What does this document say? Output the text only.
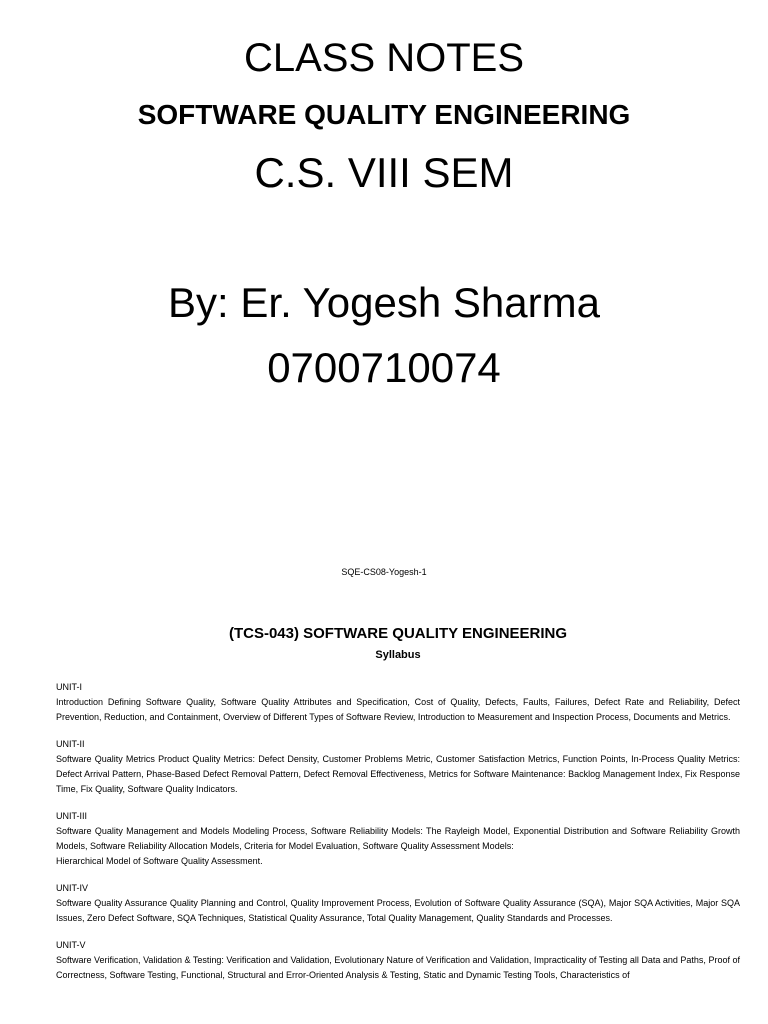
CLASS NOTES
SOFTWARE QUALITY ENGINEERING
C.S. VIII SEM
By: Er. Yogesh Sharma
0700710074
SQE-CS08-Yogesh-1
(TCS-043) SOFTWARE QUALITY ENGINEERING
Syllabus
UNIT-I
Introduction Defining Software Quality, Software Quality Attributes and Specification, Cost of Quality, Defects, Faults, Failures, Defect Rate and Reliability, Defect Prevention, Reduction, and Containment, Overview of Different Types of Software Review, Introduction to Measurement and Inspection Process, Documents and Metrics.
UNIT-II
Software Quality Metrics Product Quality Metrics: Defect Density, Customer Problems Metric, Customer Satisfaction Metrics, Function Points, In-Process Quality Metrics: Defect Arrival Pattern, Phase-Based Defect Removal Pattern, Defect Removal Effectiveness, Metrics for Software Maintenance: Backlog Management Index, Fix Response Time, Fix Quality, Software Quality Indicators.
UNIT-III
Software Quality Management and Models Modeling Process, Software Reliability Models: The Rayleigh Model, Exponential Distribution and Software Reliability Growth Models, Software Reliability Allocation Models, Criteria for Model Evaluation, Software Quality Assessment Models:
Hierarchical Model of Software Quality Assessment.
UNIT-IV
Software Quality Assurance Quality Planning and Control, Quality Improvement Process, Evolution of Software Quality Assurance (SQA), Major SQA Activities, Major SQA Issues, Zero Defect Software, SQA Techniques, Statistical Quality Assurance, Total Quality Management, Quality Standards and Processes.
UNIT-V
Software Verification, Validation & Testing: Verification and Validation, Evolutionary Nature of Verification and Validation, Impracticality of Testing all Data and Paths, Proof of Correctness, Software Testing, Functional, Structural and Error-Oriented Analysis & Testing, Static and Dynamic Testing Tools, Characteristics of
